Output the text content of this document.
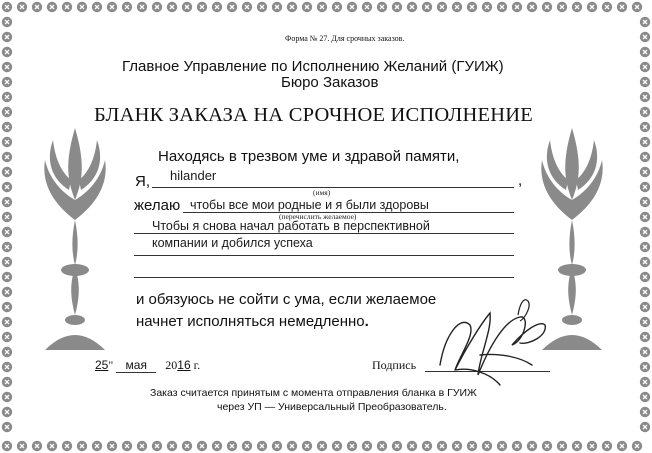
Форма № 27. Для срочных заказов.
Главное Управление по Исполнению Желаний (ГУИЖ)
Бюро Заказов
БЛАНК ЗАКАЗА НА СРОЧНОЕ ИСПОЛНЕНИЕ
Находясь в трезвом уме и здравой памяти,
Я, hilander	,
(имя)
желаю чтобы все мои родные и я были здоровы
(перечислить желаемое)
Чтобы я снова начал работать в перспективной
компании и добился успеха
и обязуюсь не сойти с ума, если желаемое
начнет исполняться немедленно.
25" мая 2016 г.	Подпись
Заказ считается принятым с момента отправления бланка в ГУИЖ
через УП — Универсальный Преобразователь.
